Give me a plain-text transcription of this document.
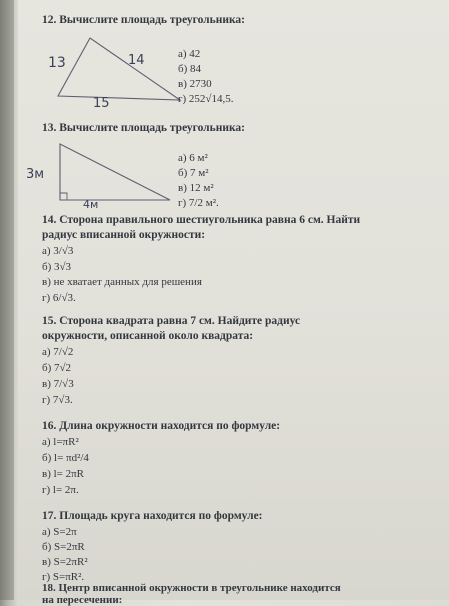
12. Вычислите площадь треугольника:
13	14
15
а) 42
б) 84
в) 2730
г) 252√14,5.
13. Вычислите площадь треугольника:
3м
4м
а) 6 м²
б) 7 м²
в) 12 м²
г) 7/2 м².
14. Сторона правильного шестиугольника равна 6 см. Найти
радиус вписанной окружности:
а) 3/√3
б) 3√3
в) не хватает данных для решения
г) 6/√3.
15. Сторона квадрата равна 7 см. Найдите радиус
окружности, описанной около квадрата:
а) 7/√2
б) 7√2
в) 7/√3
г) 7√3.
16. Длина окружности находится по формуле:
а) l=πR²
б) l= πd²/4
в) l= 2πR
г) l= 2π.
17. Площадь круга находится по формуле:
а) S=2π
б) S=2πR
в) S=2πR²
г) S=πR².
18. Центр вписанной окружности в треугольнике находится
на пересечении:
